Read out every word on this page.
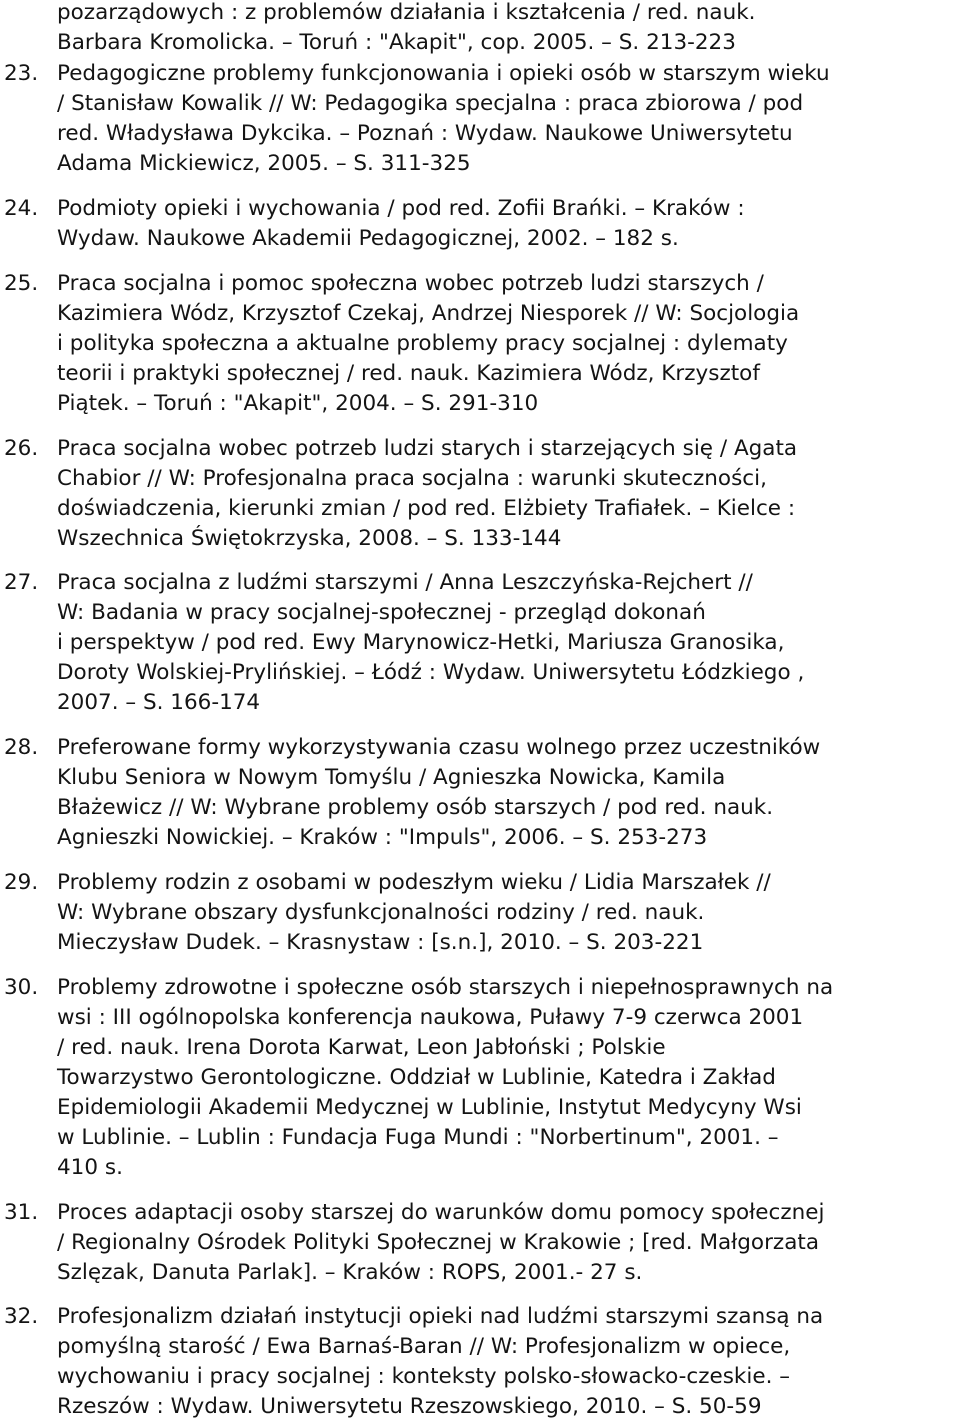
pozarządowych : z problemów działania i kształcenia / red. nauk.
Barbara Kromolicka. – Toruń : "Akapit", cop. 2005. – S. 213-223
23. Pedagogiczne problemy funkcjonowania i opieki osób w starszym wieku
/ Stanisław Kowalik // W: Pedagogika specjalna : praca zbiorowa / pod
red. Władysława Dykcika. – Poznań : Wydaw. Naukowe Uniwersytetu
Adama Mickiewicz, 2005. – S. 311-325
24. Podmioty opieki i wychowania / pod red. Zofii Brańki. – Kraków :
Wydaw. Naukowe Akademii Pedagogicznej, 2002. – 182 s.
25. Praca socjalna i pomoc społeczna wobec potrzeb ludzi starszych /
Kazimiera Wódz, Krzysztof Czekaj, Andrzej Niesporek // W: Socjologia
i polityka społeczna a aktualne problemy pracy socjalnej : dylematy
teorii i praktyki społecznej / red. nauk. Kazimiera Wódz, Krzysztof
Piątek. – Toruń : "Akapit", 2004. – S. 291-310
26. Praca socjalna wobec potrzeb ludzi starych i starzejących się / Agata
Chabior // W: Profesjonalna praca socjalna : warunki skuteczności,
doświadczenia, kierunki zmian / pod red. Elżbiety Trafiałek. – Kielce :
Wszechnica Świętokrzyska, 2008. – S. 133-144
27. Praca socjalna z ludźmi starszymi / Anna Leszczyńska-Rejchert //
W: Badania w pracy socjalnej-społecznej - przegląd dokonań
i perspektyw / pod red. Ewy Marynowicz-Hetki, Mariusza Granosika,
Doroty Wolskiej-Prylińskiej. – Łódź : Wydaw. Uniwersytetu Łódzkiego ,
2007. – S. 166-174
28. Preferowane formy wykorzystywania czasu wolnego przez uczestników
Klubu Seniora w Nowym Tomyślu / Agnieszka Nowicka, Kamila
Błażewicz // W: Wybrane problemy osób starszych / pod red. nauk.
Agnieszki Nowickiej. – Kraków : "Impuls", 2006. – S. 253-273
29. Problemy rodzin z osobami w podeszłym wieku / Lidia Marszałek //
W: Wybrane obszary dysfunkcjonalności rodziny / red. nauk.
Mieczysław Dudek. – Krasnystaw : [s.n.], 2010. – S. 203-221
30. Problemy zdrowotne i społeczne osób starszych i niepełnosprawnych na
wsi : III ogólnopolska konferencja naukowa, Puławy 7-9 czerwca 2001
/ red. nauk. Irena Dorota Karwat, Leon Jabłoński ; Polskie
Towarzystwo Gerontologiczne. Oddział w Lublinie, Katedra i Zakład
Epidemiologii Akademii Medycznej w Lublinie, Instytut Medycyny Wsi
w Lublinie. – Lublin : Fundacja Fuga Mundi : "Norbertinum", 2001. –
410 s.
31. Proces adaptacji osoby starszej do warunków domu pomocy społecznej
/ Regionalny Ośrodek Polityki Społecznej w Krakowie ; [red. Małgorzata
Szlęzak, Danuta Parlak]. – Kraków : ROPS, 2001.- 27 s.
32. Profesjonalizm działań instytucji opieki nad ludźmi starszymi szansą na
pomyślną starość / Ewa Barnaś-Baran // W: Profesjonalizm w opiece,
wychowaniu i pracy socjalnej : konteksty polsko-słowacko-czeskie. –
Rzeszów : Wydaw. Uniwersytetu Rzeszowskiego, 2010. – S. 50-59
